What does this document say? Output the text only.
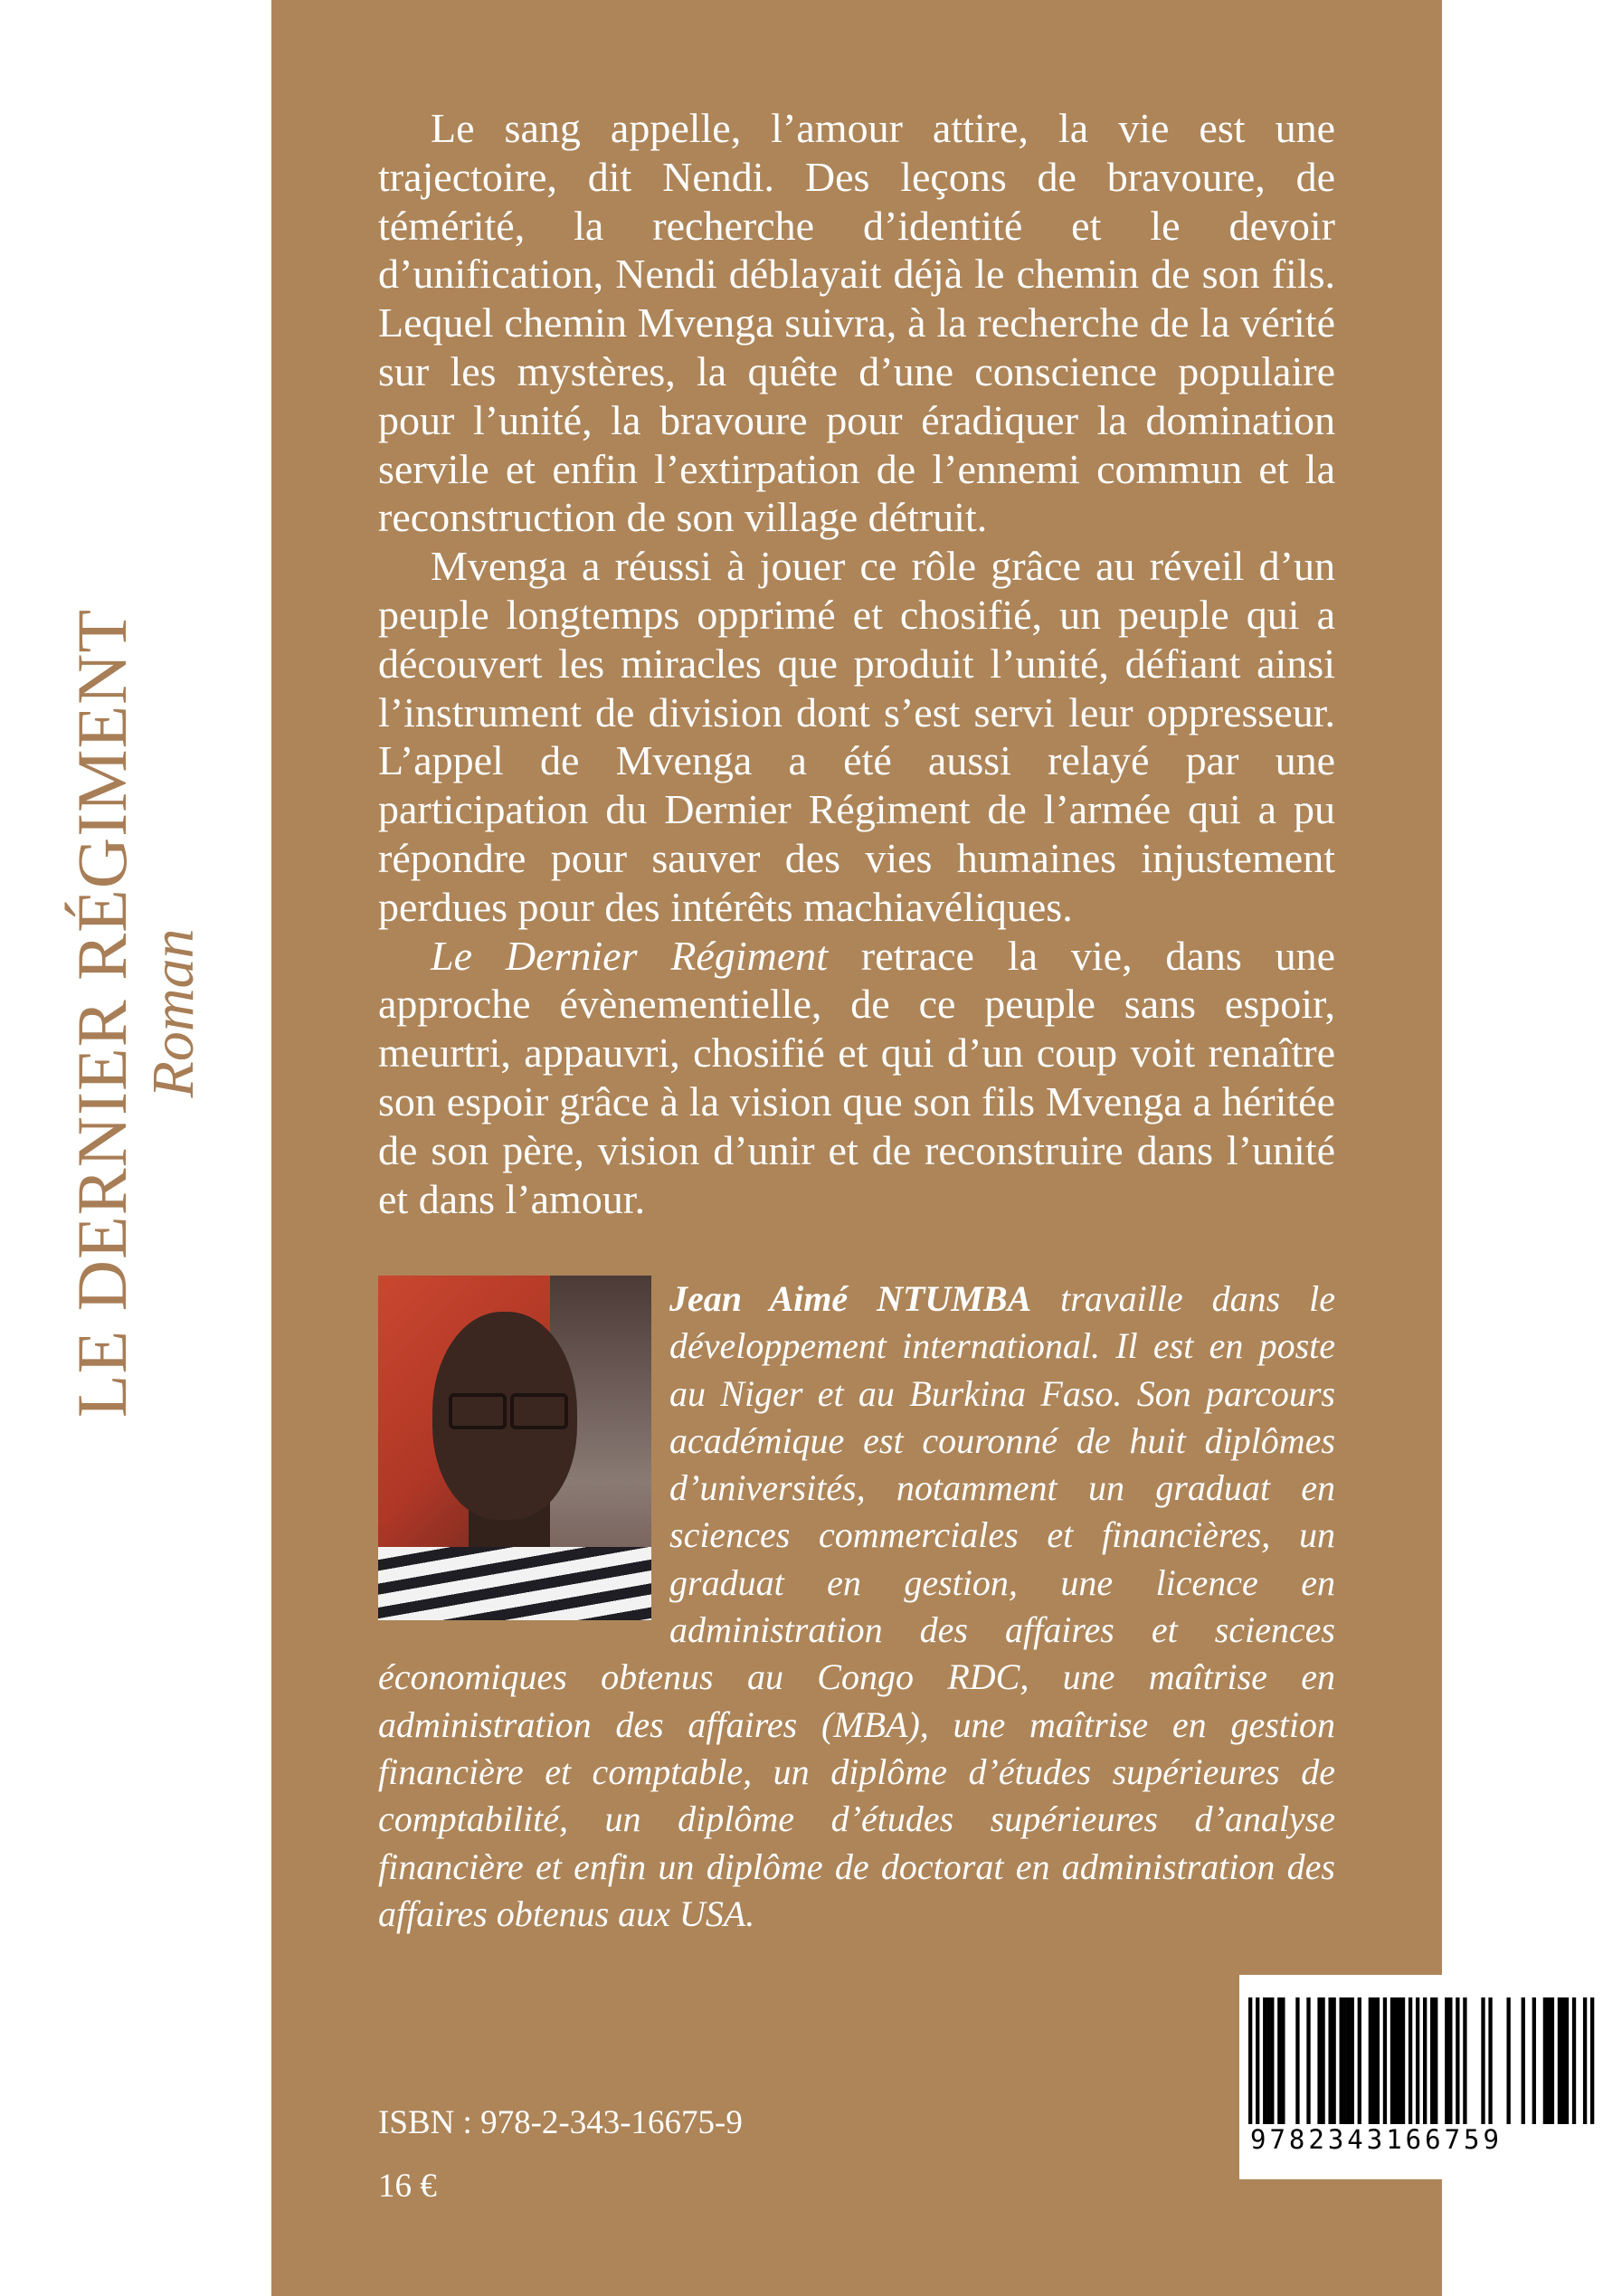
LE DERNIER RÉGIMENT Roman

Le sang appelle, l’amour attire, la vie est une trajectoire, dit Nendi. Des leçons de bravoure, de témérité, la recherche d’identité et le devoir d’unification, Nendi déblayait déjà le chemin de son fils. Lequel chemin Mvenga suivra, à la recherche de la vérité sur les mystères, la quête d’une conscience populaire pour l’unité, la bravoure pour éradiquer la domination servile et enfin l’extirpation de l’ennemi commun et la reconstruction de son village détruit.

Mvenga a réussi à jouer ce rôle grâce au réveil d’un peuple longtemps opprimé et chosifié, un peuple qui a découvert les miracles que produit l’unité, défiant ainsi l’instrument de division dont s’est servi leur oppresseur. L’appel de Mvenga a été aussi relayé par une participation du Dernier Régiment de l’armée qui a pu répondre pour sauver des vies humaines injustement perdues pour des intérêts machiavéliques.

Le Dernier Régiment retrace la vie, dans une approche évènementielle, de ce peuple sans espoir, meurtri, appauvri, chosifié et qui d’un coup voit renaître son espoir grâce à la vision que son fils Mvenga a héritée de son père, vision d’unir et de reconstruire dans l’unité et dans l’amour.

Jean Aimé NTUMBA travaille dans le développement international. Il est en poste au Niger et au Burkina Faso. Son parcours académique est couronné de huit diplômes d’universités, notamment un graduat en sciences commerciales et financières, un graduat en gestion, une licence en administration des affaires et sciences économiques obtenus au Congo RDC, une maîtrise en administration des affaires (MBA), une maîtrise en gestion financière et comptable, un diplôme d’études supérieures de comptabilité, un diplôme d’études supérieures d’analyse financière et enfin un diplôme de doctorat en administration des affaires obtenus aux USA.
9782343166759
ISBN : 978-2-343-16675-9
16 €
